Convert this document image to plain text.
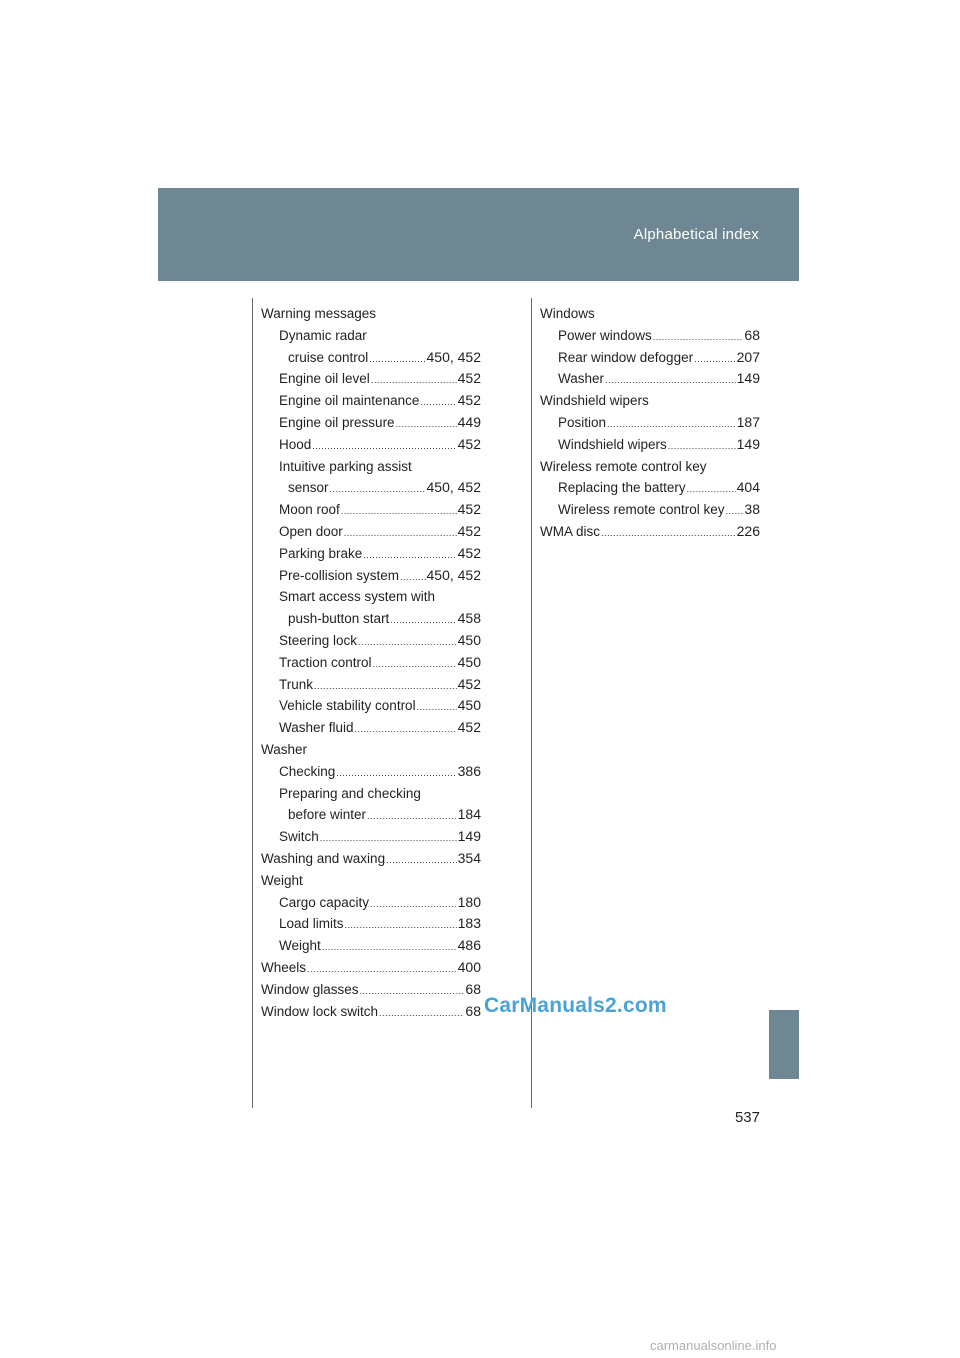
Alphabetical index
Warning messages
Dynamic radar
cruise control .....	450, 452
Engine oil level .....	452
Engine oil maintenance .....	452
Engine oil pressure .....	449
Hood .....	452
Intuitive parking assist
sensor .....	450, 452
Moon roof .....	452
Open door .....	452
Parking brake .....	452
Pre-collision system ..... 450, 452
Smart access system with
push-button start .....	458
Steering lock .....	450
Traction control .....	450
Trunk .....	452
Vehicle stability control .....	450
Washer fluid .....	452
Washer
Checking .....	386
Preparing and checking
before winter .....	184
Switch .....	149
Washing and waxing .....	354
Weight
Cargo capacity .....	180
Load limits .....	183
Weight .....	486
Wheels .....	400
Window glasses .....	68
Window lock switch .....	68
Windows
Power windows .....	68
Rear window defogger .....	207
Washer .....	149
Windshield wipers
Position .....	187
Windshield wipers .....	149
Wireless remote control key
Replacing the battery .....	404
Wireless remote control key ..... 38
WMA disc .....	226
CarManuals2.com
carmanualsonline.info
537
